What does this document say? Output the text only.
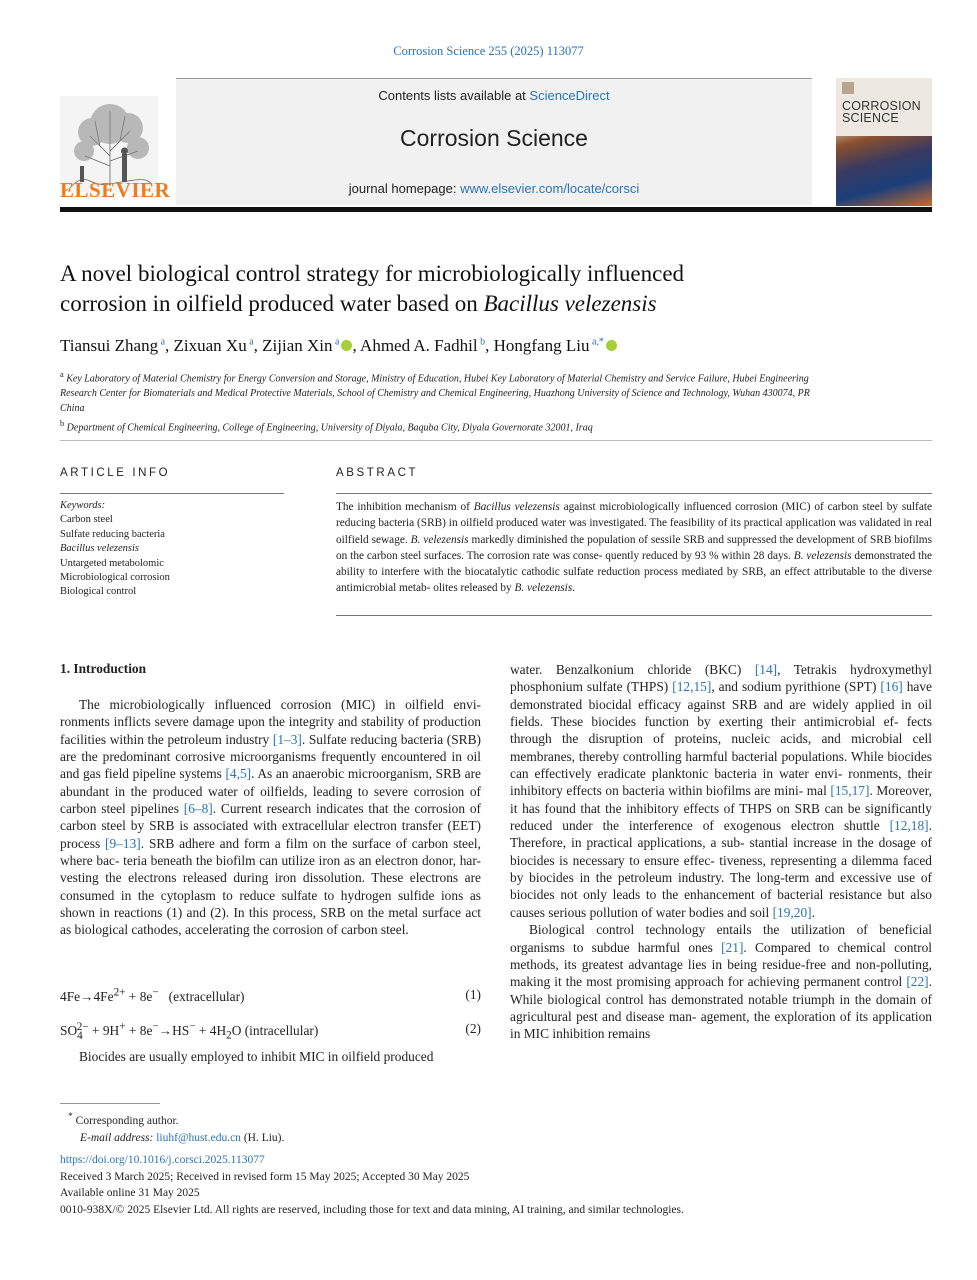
Corrosion Science 255 (2025) 113077
ELSEVIER
Contents lists available at ScienceDirect
Corrosion Science
journal homepage: www.elsevier.com/locate/corsci
CORROSION
SCIENCE
A novel biological control strategy for microbiologically influenced
corrosion in oilfield produced water based on Bacillus velezensis
Tiansui Zhang $^a$, Zixuan Xu $^a$, Zijian Xin $^a$ , Ahmed A. Fadhil $^b$, Hongfang Liu $^{a,*}$
$^a$ Key Laboratory of Material Chemistry for Energy Conversion and Storage, Ministry of Education, Hubei Key Laboratory of Material Chemistry and Service Failure, Hubei Engineering Research Center for Biomaterials and Medical Protective Materials, School of Chemistry and Chemical Engineering, Huazhong University of Science and Technology, Wuhan 430074, PR China
$^b$ Department of Chemical Engineering, College of Engineering, University of Diyala, Baquba City, Diyala Governorate 32001, Iraq
ARTICLE INFO
Keywords:
Carbon steel
Sulfate reducing bacteria
Bacillus velezensis
Untargeted metabolomic
Microbiological corrosion
Biological control
ABSTRACT
The inhibition mechanism of Bacillus velezensis against microbiologically influenced corrosion (MIC) of carbon steel by sulfate reducing bacteria (SRB) in oilfield produced water was investigated. The feasibility of its practical application was validated in real oilfield sewage. B. velezensis markedly diminished the population of sessile SRB and suppressed the development of SRB biofilms on the carbon steel surfaces. The corrosion rate was conse- quently reduced by 93 % within 28 days. B. velezensis demonstrated the ability to interfere with the biocatalytic cathodic sulfate reduction process mediated by SRB, an effect attributable to the diverse antimicrobial metab- olites released by B. velezensis.
1. Introduction

The microbiologically influenced corrosion (MIC) in oilfield envi- ronments inflicts severe damage upon the integrity and stability of production facilities within the petroleum industry [1–3]. Sulfate reducing bacteria (SRB) are the predominant corrosive microorganisms frequently encountered in oil and gas field pipeline systems [4,5]. As an anaerobic microorganism, SRB are abundant in the produced water of oilfields, leading to severe corrosion of carbon steel pipelines [6–8]. Current research indicates that the corrosion of carbon steel by SRB is associated with extracellular electron transfer (EET) process [9–13]. SRB adhere and form a film on the surface of carbon steel, where bac- teria beneath the biofilm can utilize iron as an electron donor, har- vesting the electrons released during iron dissolution. These electrons are consumed in the cytoplasm to reduce sulfate to hydrogen sulfide ions as shown in reactions (1) and (2). In this process, SRB on the metal surface act as biological cathodes, accelerating the corrosion of carbon steel.

$4Fe\to 4Fe^{2+} + 8e^-$   (extracellular)	(1)
$SO_4^{2-} + 9H^+ + 8e^-\to HS^- + 4H_2O$ (intracellular)	(2)

Biocides are usually employed to inhibit MIC in oilfield produced

water. Benzalkonium chloride (BKC) [14], Tetrakis hydroxymethyl phosphonium sulfate (THPS) [12,15], and sodium pyrithione (SPT) [16] have demonstrated biocidal efficacy against SRB and are widely applied in oil fields. These biocides function by exerting their antimicrobial ef- fects through the disruption of proteins, nucleic acids, and microbial cell membranes, thereby controlling harmful bacterial populations. While biocides can effectively eradicate planktonic bacteria in water envi- ronments, their inhibitory effects on bacteria within biofilms are mini- mal [15,17]. Moreover, it has found that the inhibitory effects of THPS on SRB can be significantly reduced under the interference of exogenous electron shuttle [12,18]. Therefore, in practical applications, a sub- stantial increase in the dosage of biocides is necessary to ensure effec- tiveness, representing a dilemma faced by biocides in the petroleum industry. The long-term and excessive use of biocides not only leads to the enhancement of bacterial resistance but also causes serious pollution of water bodies and soil [19,20].

Biological control technology entails the utilization of beneficial organisms to subdue harmful ones [21]. Compared to chemical control methods, its greatest advantage lies in being residue-free and non-polluting, making it the most promising approach for achieving permanent control [22]. While biological control has demonstrated notable triumph in the domain of agricultural pest and disease man- agement, the exploration of its application in MIC inhibition remains

* Corresponding author.
E-mail address: liuhf@hust.edu.cn (H. Liu).
https://doi.org/10.1016/j.corsci.2025.113077
Received 3 March 2025; Received in revised form 15 May 2025; Accepted 30 May 2025
Available online 31 May 2025
0010-938X/© 2025 Elsevier Ltd. All rights are reserved, including those for text and data mining, AI training, and similar technologies.
